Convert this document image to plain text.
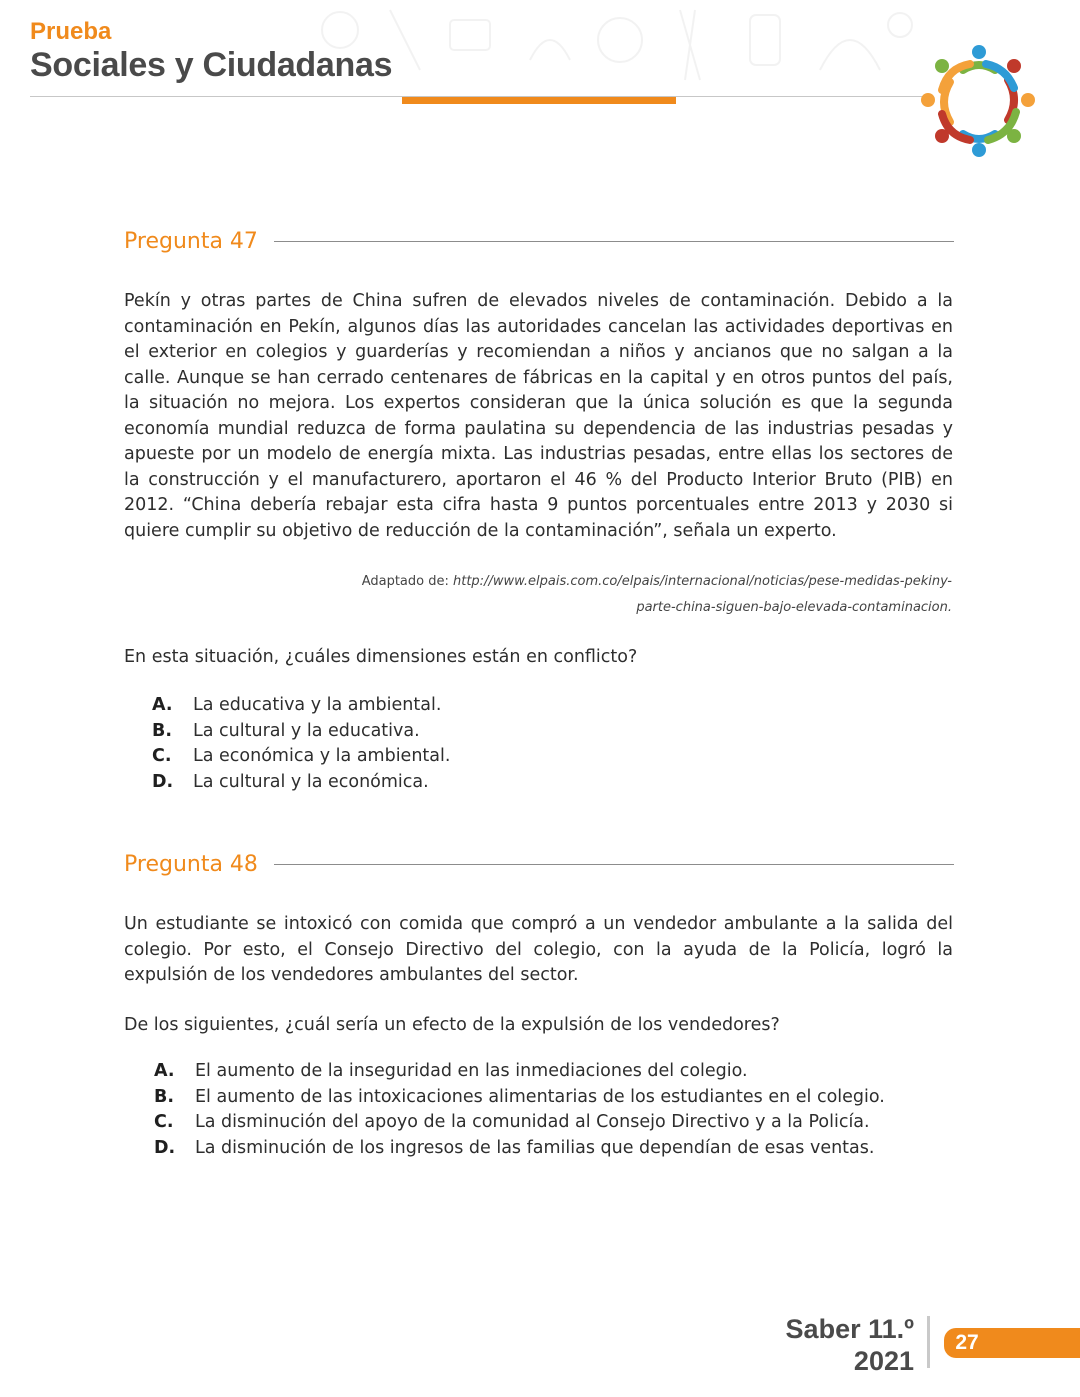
Prueba
Sociales y Ciudadanas
Pregunta 47

Pekín y otras partes de China sufren de elevados niveles de contaminación. Debido a la contaminación en Pekín, algunos días las autoridades cancelan las actividades deportivas en el exterior en colegios y guarderías y recomiendan a niños y ancianos que no salgan a la calle. Aunque se han cerrado centenares de fábricas en la capital y en otros puntos del país, la situación no mejora. Los expertos consideran que la única solución es que la segunda economía mundial reduzca de forma paulatina su dependencia de las industrias pesadas y apueste por un modelo de energía mixta. Las industrias pesadas, entre ellas los sectores de la construcción y el manufacturero, aportaron el 46 % del Producto Interior Bruto (PIB) en 2012. “China debería rebajar esta cifra hasta 9 puntos porcentuales entre 2013 y 2030 si quiere cumplir su objetivo de reducción de la contaminación”, señala un experto.

Adaptado de: http://www.elpais.com.co/elpais/internacional/noticias/pese-medidas-pekiny-
parte-china-siguen-bajo-elevada-contaminacion.

En esta situación, ¿cuáles dimensiones están en conflicto?

A.	La educativa y la ambiental.
B.	La cultural y la educativa.
C.	La económica y la ambiental.
D.	La cultural y la económica.
Pregunta 48

Un estudiante se intoxicó con comida que compró a un vendedor ambulante a la salida del colegio. Por esto, el Consejo Directivo del colegio, con la ayuda de la Policía, logró la expulsión de los vendedores ambulantes del sector.

De los siguientes, ¿cuál sería un efecto de la expulsión de los vendedores?

A.	El aumento de la inseguridad en las inmediaciones del colegio.
B.	El aumento de las intoxicaciones alimentarias de los estudiantes en el colegio.
C.	La disminución del apoyo de la comunidad al Consejo Directivo y a la Policía.
D.	La disminución de los ingresos de las familias que dependían de esas ventas.
Saber 11.º
2021
27
